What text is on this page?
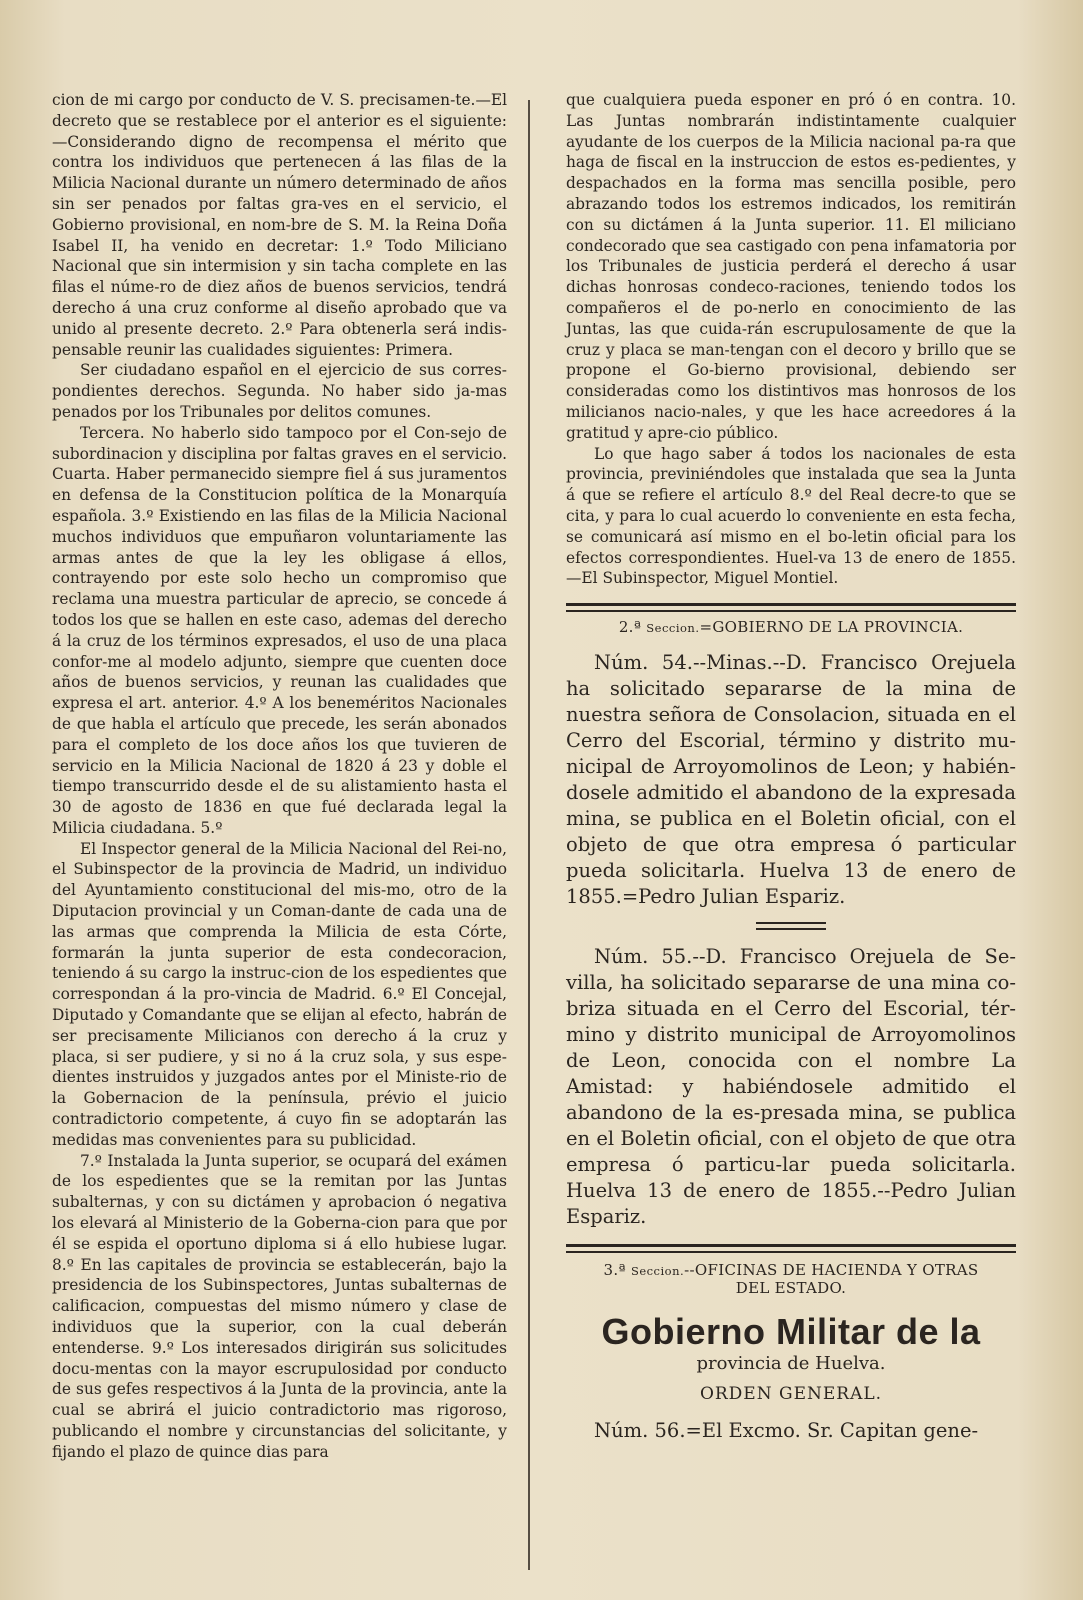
cion de mi cargo por conducto de V. S. precisamen-te.—El decreto que se restablece por el anterior es el siguiente:—Considerando digno de recompensa el mérito que contra los individuos que pertenecen á las filas de la Milicia Nacional durante un número determinado de años sin ser penados por faltas gra-ves en el servicio, el Gobierno provisional, en nom-bre de S. M. la Reina Doña Isabel II, ha venido en decretar: 1.º Todo Miliciano Nacional que sin intermision y sin tacha complete en las filas el núme-ro de diez años de buenos servicios, tendrá derecho á una cruz conforme al diseño aprobado que va unido al presente decreto. 2.º Para obtenerla será indis-pensable reunir las cualidades siguientes: Primera.

Ser ciudadano español en el ejercicio de sus corres-pondientes derechos. Segunda. No haber sido ja-mas penados por los Tribunales por delitos comunes.

Tercera. No haberlo sido tampoco por el Con-sejo de subordinacion y disciplina por faltas graves en el servicio. Cuarta. Haber permanecido siempre fiel á sus juramentos en defensa de la Constitucion política de la Monarquía española. 3.º Existiendo en las filas de la Milicia Nacional muchos individuos que empuñaron voluntariamente las armas antes de que la ley les obligase á ellos, contrayendo por este solo hecho un compromiso que reclama una muestra particular de aprecio, se concede á todos los que se hallen en este caso, ademas del derecho á la cruz de los términos expresados, el uso de una placa confor-me al modelo adjunto, siempre que cuenten doce años de buenos servicios, y reunan las cualidades que expresa el art. anterior. 4.º A los beneméritos Nacionales de que habla el artículo que precede, les serán abonados para el completo de los doce años los que tuvieren de servicio en la Milicia Nacional de 1820 á 23 y doble el tiempo transcurrido desde el de su alistamiento hasta el 30 de agosto de 1836 en que fué declarada legal la Milicia ciudadana. 5.º

El Inspector general de la Milicia Nacional del Rei-no, el Subinspector de la provincia de Madrid, un individuo del Ayuntamiento constitucional del mis-mo, otro de la Diputacion provincial y un Coman-dante de cada una de las armas que comprenda la Milicia de esta Córte, formarán la junta superior de esta condecoracion, teniendo á su cargo la instruc-cion de los espedientes que correspondan á la pro-vincia de Madrid. 6.º El Concejal, Diputado y Comandante que se elijan al efecto, habrán de ser precisamente Milicianos con derecho á la cruz y placa, si ser pudiere, y si no á la cruz sola, y sus espe-dientes instruidos y juzgados antes por el Ministe-rio de la Gobernacion de la península, prévio el juicio contradictorio competente, á cuyo fin se adoptarán las medidas mas convenientes para su publicidad.

7.º Instalada la Junta superior, se ocupará del exámen de los espedientes que se la remitan por las Juntas subalternas, y con su dictámen y aprobacion ó negativa los elevará al Ministerio de la Goberna-cion para que por él se espida el oportuno diploma si á ello hubiese lugar. 8.º En las capitales de provincia se establecerán, bajo la presidencia de los Subinspectores, Juntas subalternas de calificacion, compuestas del mismo número y clase de individuos que la superior, con la cual deberán entenderse. 9.º Los interesados dirigirán sus solicitudes docu-mentas con la mayor escrupulosidad por conducto de sus gefes respectivos á la Junta de la provincia, ante la cual se abrirá el juicio contradictorio mas rigoroso, publicando el nombre y circunstancias del solicitante, y fijando el plazo de quince dias para

que cualquiera pueda esponer en pró ó en contra. 10. Las Juntas nombrarán indistintamente cualquier ayudante de los cuerpos de la Milicia nacional pa-ra que haga de fiscal en la instruccion de estos es-pedientes, y despachados en la forma mas sencilla posible, pero abrazando todos los estremos indicados, los remitirán con su dictámen á la Junta superior. 11. El miliciano condecorado que sea castigado con pena infamatoria por los Tribunales de justicia perderá el derecho á usar dichas honrosas condeco-raciones, teniendo todos los compañeros el de po-nerlo en conocimiento de las Juntas, las que cuida-rán escrupulosamente de que la cruz y placa se man-tengan con el decoro y brillo que se propone el Go-bierno provisional, debiendo ser consideradas como los distintivos mas honrosos de los milicianos nacio-nales, y que les hace acreedores á la gratitud y apre-cio público.

Lo que hago saber á todos los nacionales de esta provincia, previniéndoles que instalada que sea la Junta á que se refiere el artículo 8.º del Real decre-to que se cita, y para lo cual acuerdo lo conveniente en esta fecha, se comunicará así mismo en el bo-letin oficial para los efectos correspondientes. Huel-va 13 de enero de 1855.—El Subinspector, Miguel Montiel.

2.ª Seccion.=GOBIERNO DE LA PROVINCIA.

Núm. 54.--Minas.--D. Francisco Orejuela ha solicitado separarse de la mina de nuestra señora de Consolacion, situada en el Cerro del Escorial, término y distrito mu-nicipal de Arroyomolinos de Leon; y habién-dosele admitido el abandono de la expresada mina, se publica en el Boletin oficial, con el objeto de que otra empresa ó particular pueda solicitarla. Huelva 13 de enero de 1855.=Pedro Julian Espariz.

Núm. 55.--D. Francisco Orejuela de Se-villa, ha solicitado separarse de una mina co-briza situada en el Cerro del Escorial, tér-mino y distrito municipal de Arroyomolinos de Leon, conocida con el nombre La Amistad: y habiéndosele admitido el abandono de la es-presada mina, se publica en el Boletin oficial, con el objeto de que otra empresa ó particu-lar pueda solicitarla. Huelva 13 de enero de 1855.--Pedro Julian Espariz.

3.ª Seccion.--OFICINAS DE HACIENDA Y OTRAS
DEL ESTADO.

Gobierno Militar de la

provincia de Huelva.

ORDEN GENERAL.

Núm. 56.=El Excmo. Sr. Capitan gene-
